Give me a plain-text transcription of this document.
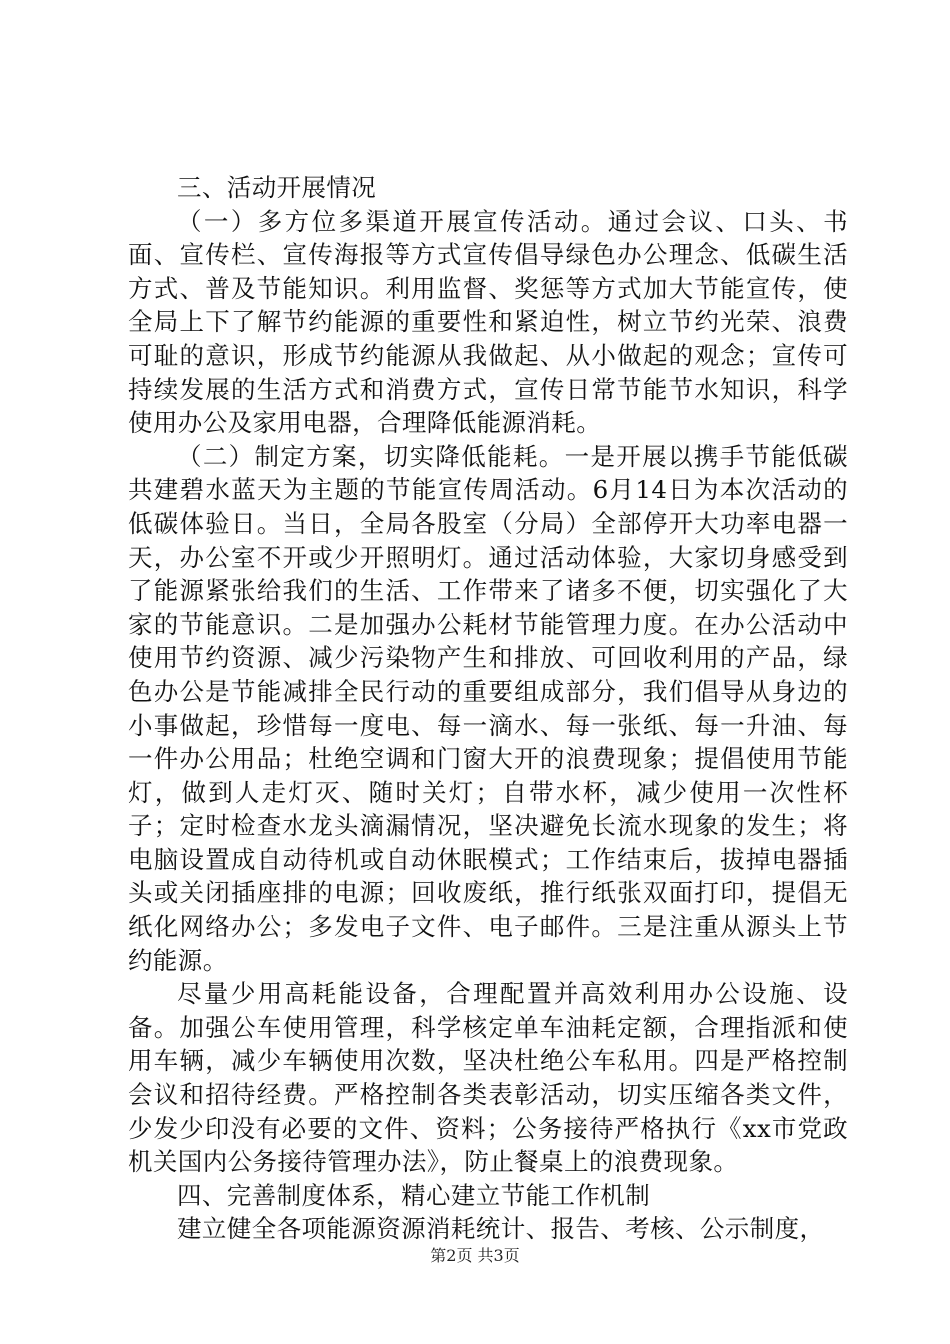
三、活动开展情况

（一）多方位多渠道开展宣传活动。通过会议、口头、书面、宣传栏、宣传海报等方式宣传倡导绿色办公理念、低碳生活方式、普及节能知识。利用监督、奖惩等方式加大节能宣传，使全局上下了解节约能源的重要性和紧迫性，树立节约光荣、浪费可耻的意识，形成节约能源从我做起、从小做起的观念；宣传可持续发展的生活方式和消费方式，宣传日常节能节水知识，科学使用办公及家用电器，合理降低能源消耗。

（二）制定方案，切实降低能耗。一是开展以携手节能低碳共建碧水蓝天为主题的节能宣传周活动。6月14日为本次活动的低碳体验日。当日，全局各股室（分局）全部停开大功率电器一天，办公室不开或少开照明灯。通过活动体验，大家切身感受到了能源紧张给我们的生活、工作带来了诸多不便，切实强化了大家的节能意识。二是加强办公耗材节能管理力度。在办公活动中使用节约资源、减少污染物产生和排放、可回收利用的产品，绿色办公是节能减排全民行动的重要组成部分，我们倡导从身边的小事做起，珍惜每一度电、每一滴水、每一张纸、每一升油、每一件办公用品；杜绝空调和门窗大开的浪费现象；提倡使用节能灯，做到人走灯灭、随时关灯；自带水杯，减少使用一次性杯子；定时检查水龙头滴漏情况，坚决避免长流水现象的发生；将电脑设置成自动待机或自动休眠模式；工作结束后，拔掉电器插头或关闭插座排的电源；回收废纸，推行纸张双面打印，提倡无纸化网络办公；多发电子文件、电子邮件。三是注重从源头上节约能源。

尽量少用高耗能设备，合理配置并高效利用办公设施、设备。加强公车使用管理，科学核定单车油耗定额，合理指派和使用车辆，减少车辆使用次数，坚决杜绝公车私用。四是严格控制会议和招待经费。严格控制各类表彰活动，切实压缩各类文件，少发少印没有必要的文件、资料；公务接待严格执行《xx市党政机关国内公务接待管理办法》，防止餐桌上的浪费现象。

四、完善制度体系，精心建立节能工作机制

建立健全各项能源资源消耗统计、报告、考核、公示制度，

第2页 共3页
